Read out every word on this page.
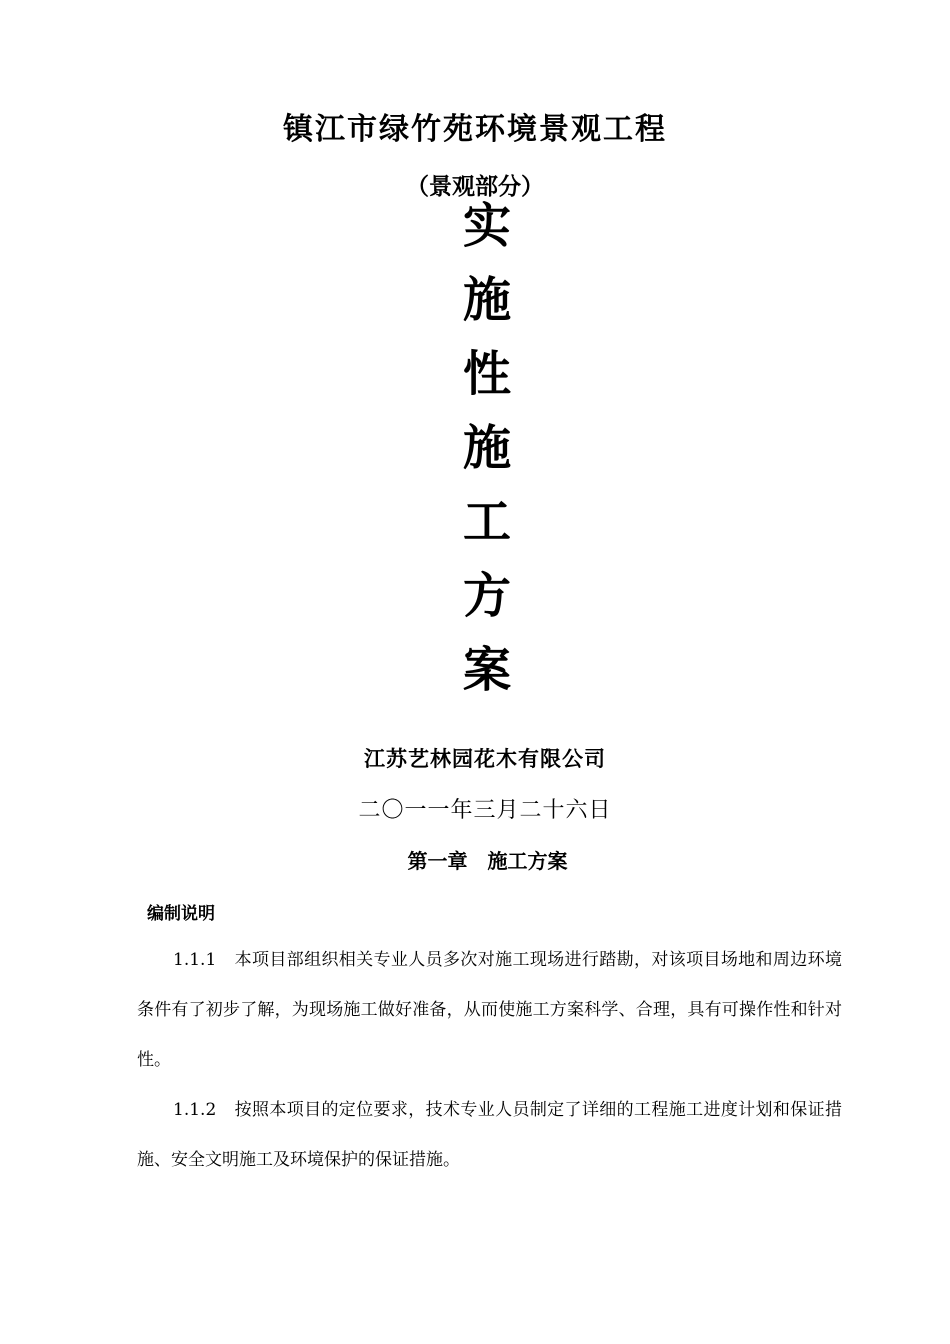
镇江市绿竹苑环境景观工程
（景观部分）
实
施
性
施
工
方
案
江苏艺林园花木有限公司
二〇一一年三月二十六日
第一章　施工方案
编制说明
1.1.1 本项目部组织相关专业人员多次对施工现场进行踏勘，对该项目场地和周边环境条件有了初步了解，为现场施工做好准备，从而使施工方案科学、合理，具有可操作性和针对性。
1.1.2 按照本项目的定位要求，技术专业人员制定了详细的工程施工进度计划和保证措施、安全文明施工及环境保护的保证措施。
